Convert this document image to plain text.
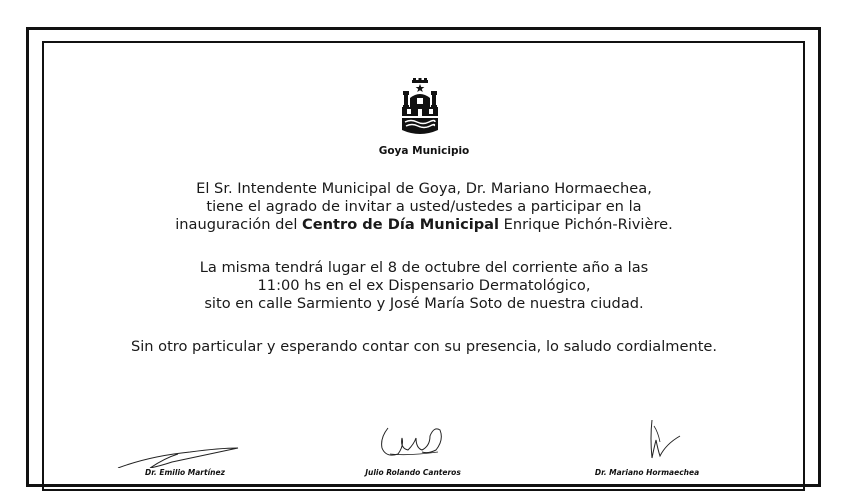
Goya Municipio
El Sr. Intendente Municipal de Goya, Dr. Mariano Hormaechea,
tiene el agrado de invitar a usted/ustedes a participar en la
inauguración del Centro de Día Municipal Enrique Pichón-Rivière.
La misma tendrá lugar el 8 de octubre del corriente año a las
11:00 hs en el ex Dispensario Dermatológico,
sito en calle Sarmiento y José María Soto de nuestra ciudad.
Sin otro particular y esperando contar con su presencia, lo saludo cordialmente.
Dr. Emilio Martínez	Julio Rolando Canteros	Dr. Mariano Hormaechea
